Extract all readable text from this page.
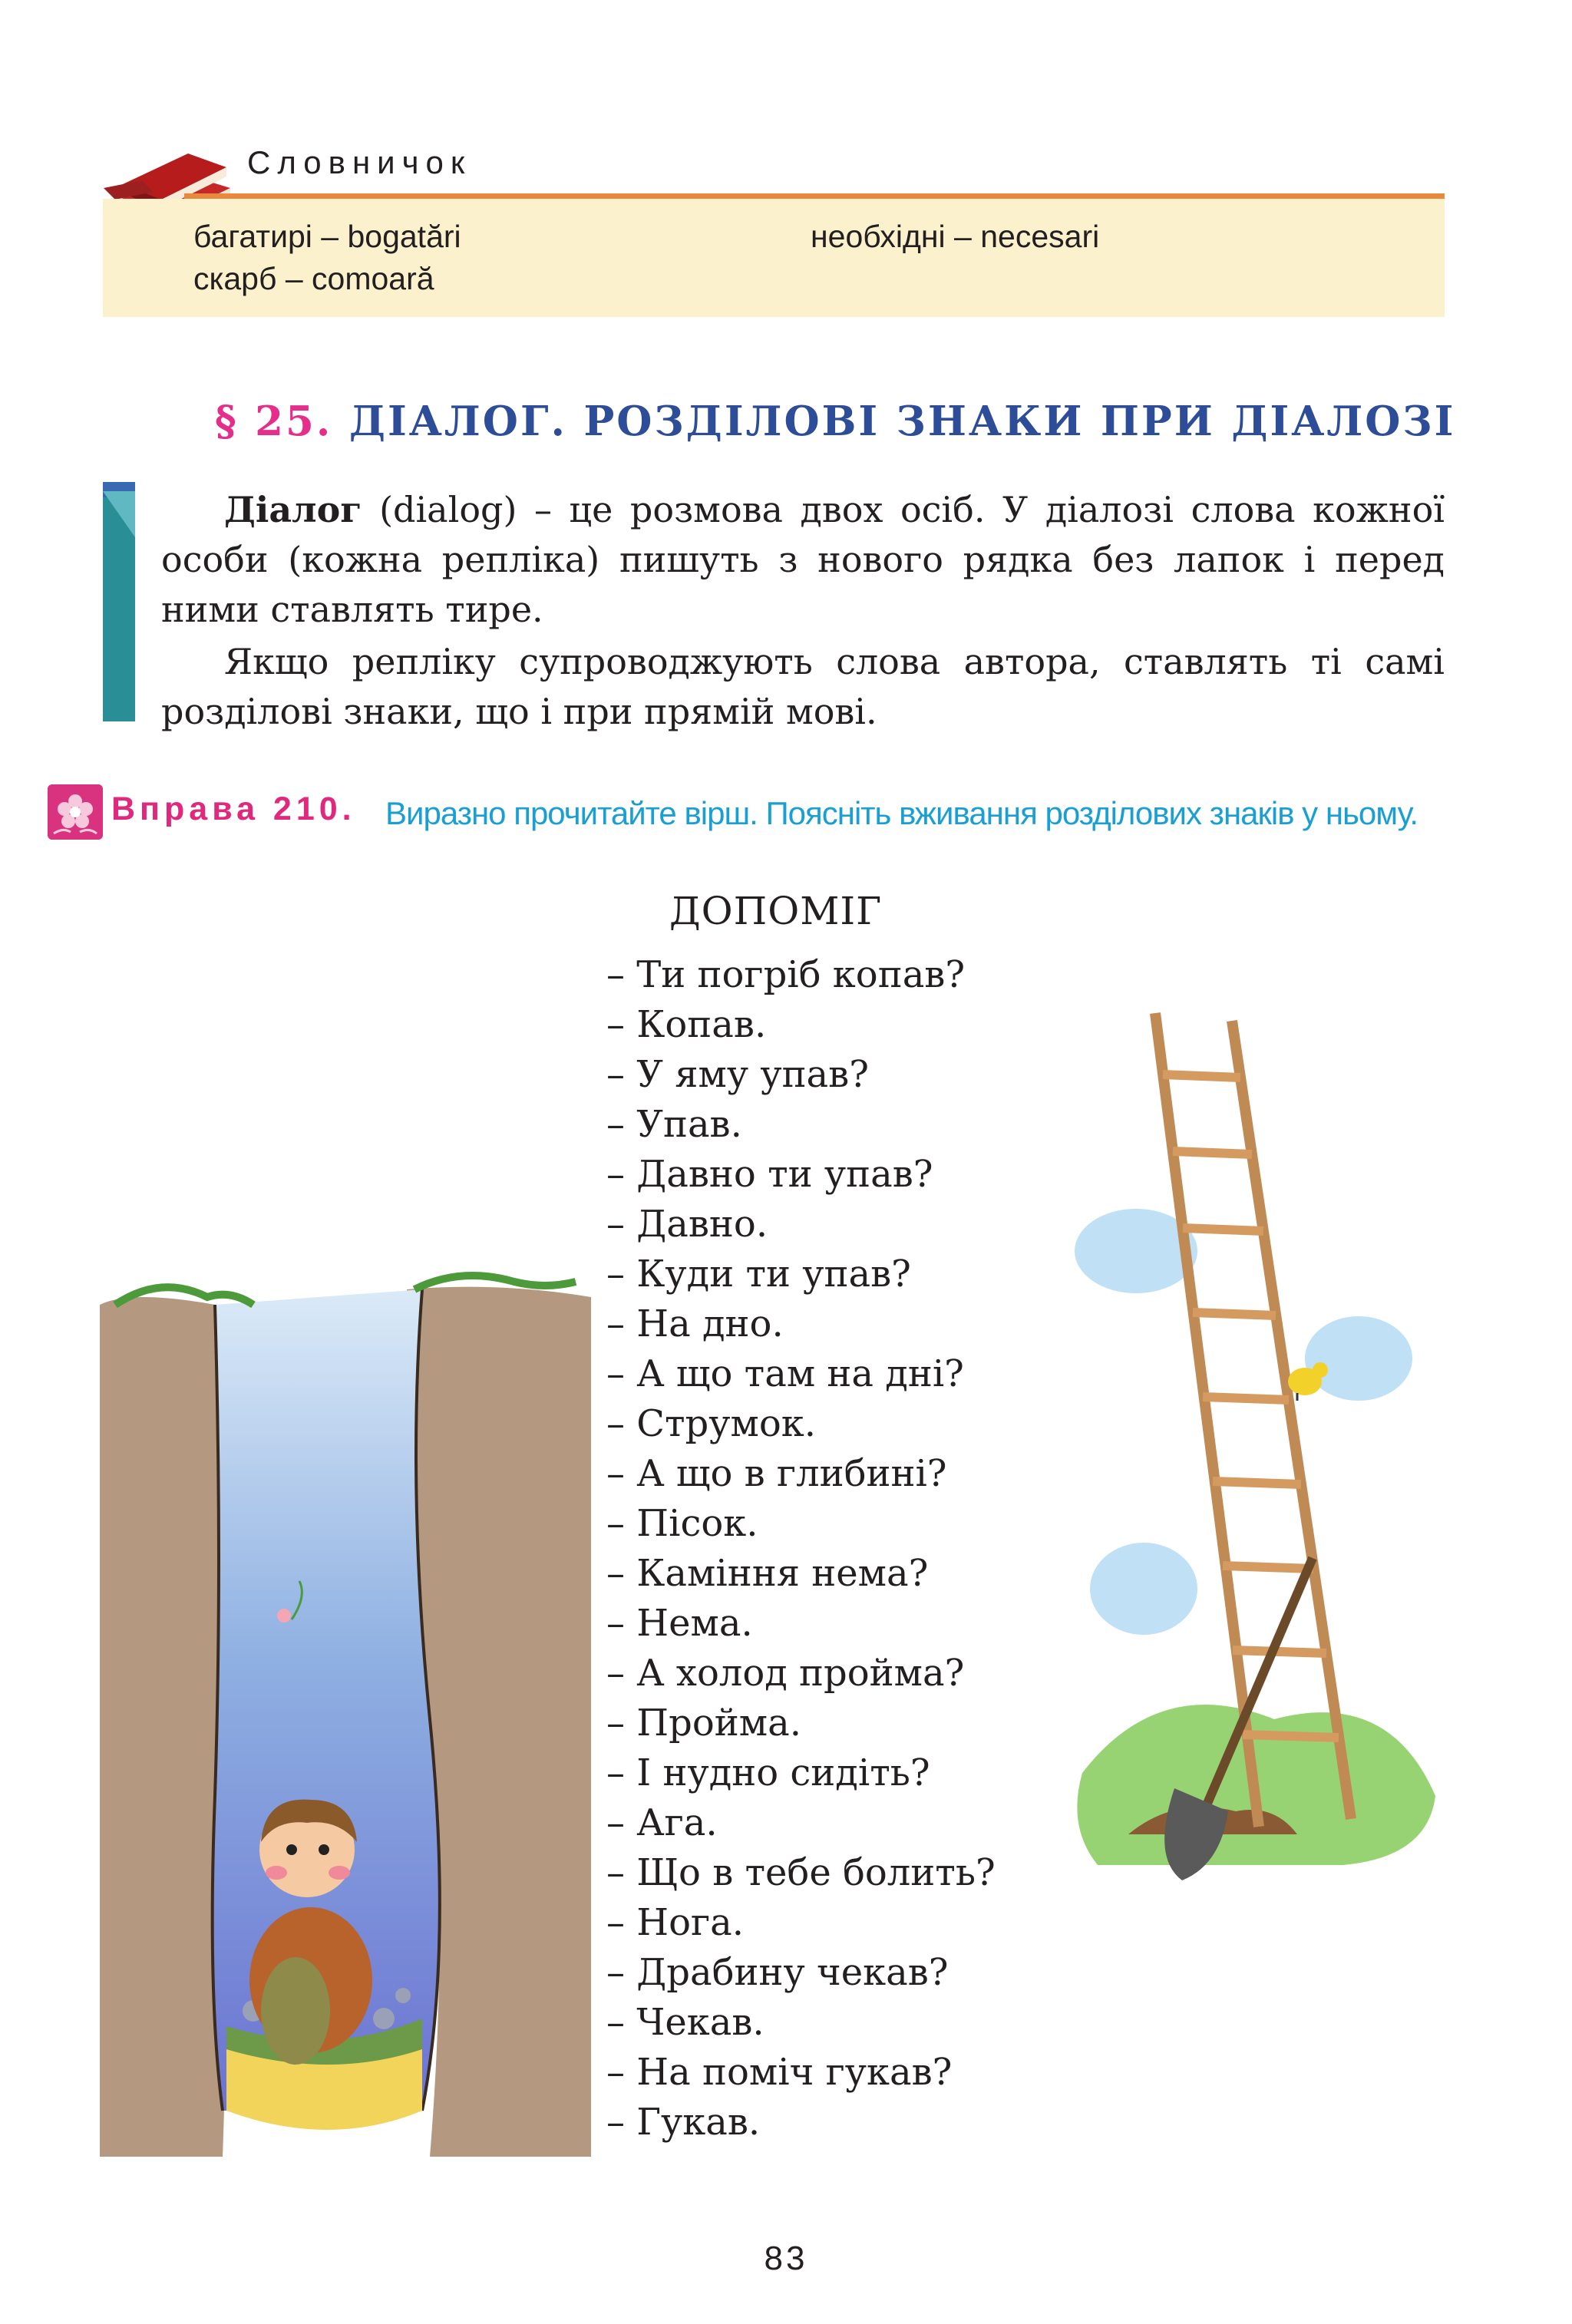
Словничок
багатирі – bogatări	необхідні – necesari
скарб – comoară
§ 25. ДІАЛОГ. РОЗДІЛОВІ ЗНАКИ ПРИ ДІАЛОЗІ

Діалог (dialog) – це розмова двох осіб. У діалозі слова кожної особи (кожна репліка) пишуть з нового рядка без лапок і перед ними ставлять тире.

Якщо репліку супроводжують слова автора, ставлять ті самі розділові знаки, що і при прямій мові.

Вправа 210. Виразно прочитайте вірш. Поясніть вживання розділових знаків у ньому.
ДОПОМІГ
– Ти погріб копав?
– Копав.
– У яму упав?
– Упав.
– Давно ти упав?
– Давно.
– Куди ти упав?
– На дно.
– А що там на дні?
– Струмок.
– А що в глибині?
– Пісок.
– Каміння нема?
– Нема.
– А холод пройма?
– Пройма.
– І нудно сидіть?
– Ага.
– Що в тебе болить?
– Нога.
– Драбину чекав?
– Чекав.
– На поміч гукав?
– Гукав.
83
